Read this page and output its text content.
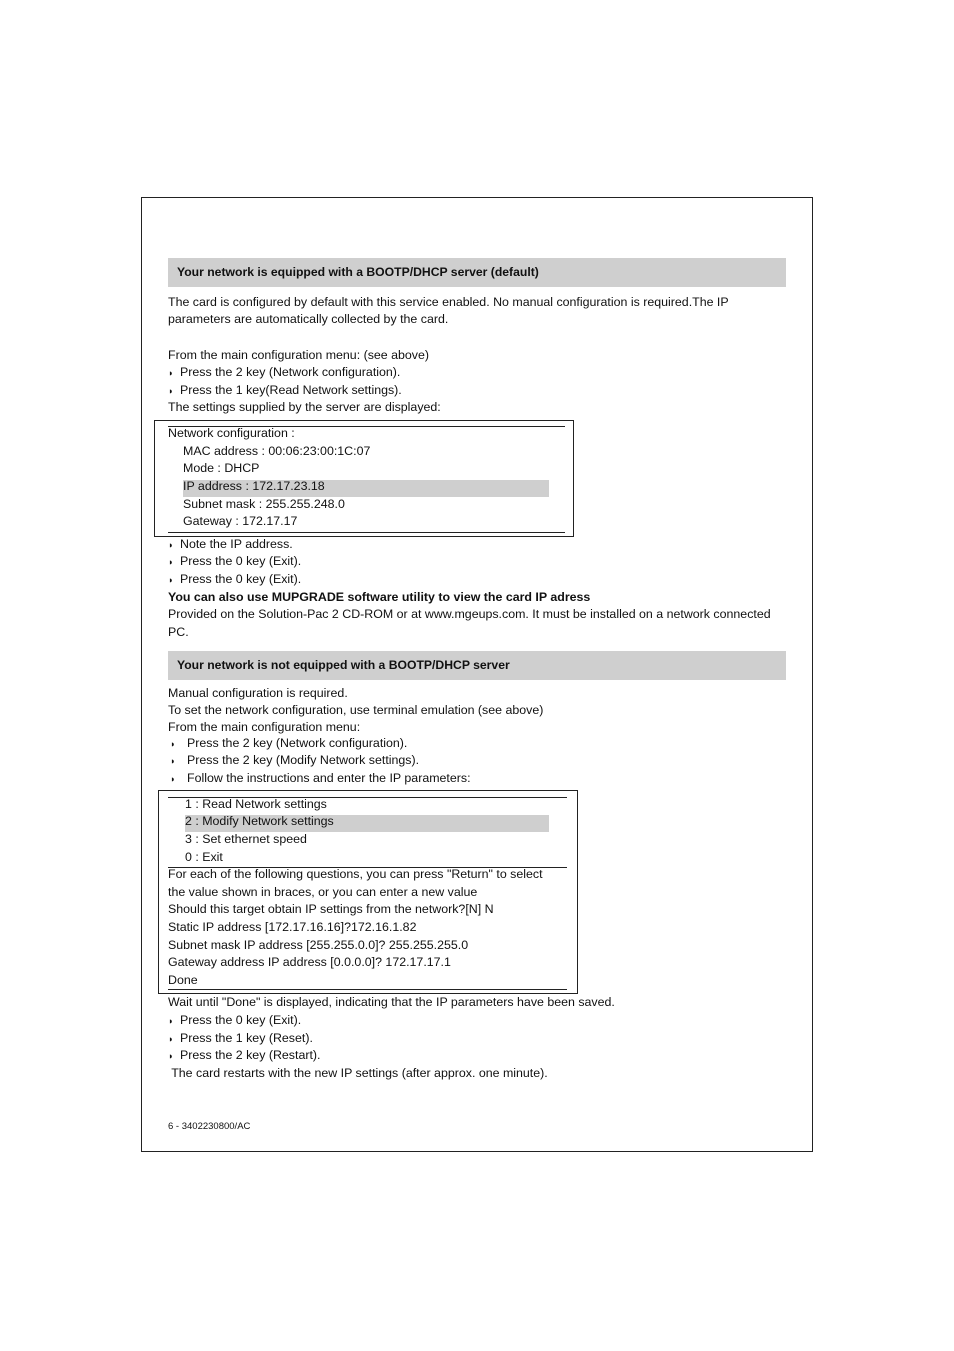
Your network is equipped with a BOOTP/DHCP server (default)
The card is configured by default with this service enabled. No manual configuration is required.The IP
parameters are automatically collected by the card.
From the main configuration menu: (see above)
◗ Press the 2 key (Network configuration).
◗ Press the 1 key(Read Network settings).
The settings supplied by the server are displayed:
Network configuration :
MAC address : 00:06:23:00:1C:07
Mode : DHCP
IP address : 172.17.23.18
Subnet mask : 255.255.248.0
Gateway : 172.17.17
◗ Note the IP address.
◗ Press the 0 key (Exit).
◗ Press the 0 key (Exit).
You can also use MUPGRADE software utility to view the card IP adress
Provided on the Solution-Pac 2 CD-ROM or at www.mgeups.com. It must be installed on a network connected
PC.
Your network is not equipped with a BOOTP/DHCP server
Manual configuration is required.
To set the network configuration, use terminal emulation (see above)
From the main configuration menu:
◗ Press the 2 key (Network configuration).
◗ Press the 2 key (Modify Network settings).
◗ Follow the instructions and enter the IP parameters:
1 : Read Network settings
2 : Modify Network settings
3 : Set ethernet speed
0 : Exit
For each of the following questions, you can press "Return" to select
the value shown in braces, or you can enter a new value
Should this target obtain IP settings from the network?[N] N
Static IP address [172.17.16.16]?172.16.1.82
Subnet mask IP address [255.255.0.0]? 255.255.255.0
Gateway address IP address [0.0.0.0]? 172.17.17.1
Done
Wait until "Done" is displayed, indicating that the IP parameters have been saved.
◗ Press the 0 key (Exit).
◗ Press the 1 key (Reset).
◗ Press the 2 key (Restart).
The card restarts with the new IP settings (after approx. one minute).
6 - 3402230800/AC
